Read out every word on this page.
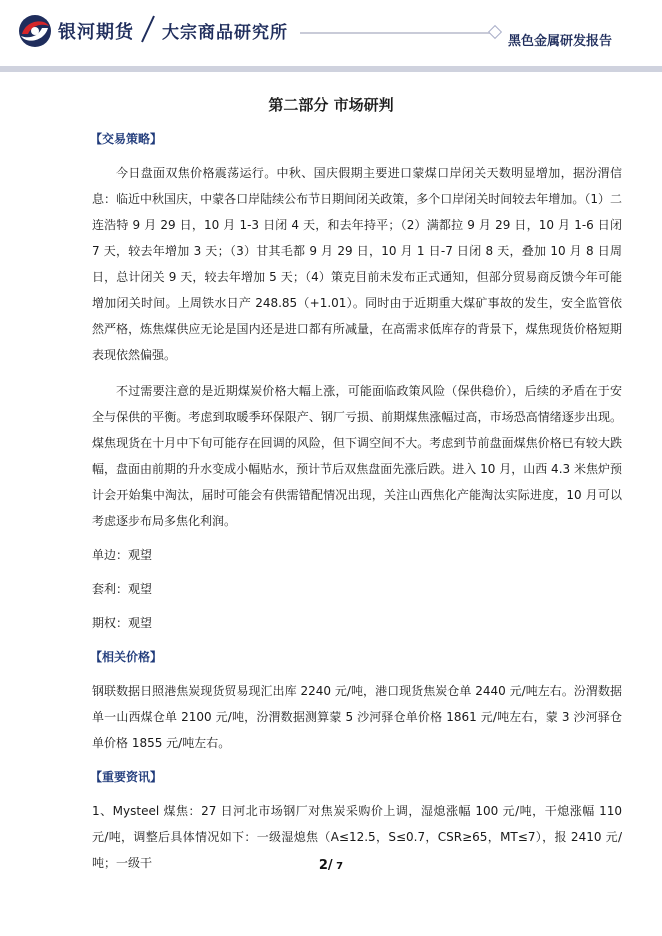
银河期货 大宗商品研究所	黑色金属研发报告
第二部分 市场研判
【交易策略】

今日盘面双焦价格震荡运行。中秋、国庆假期主要进口蒙煤口岸闭关天数明显增加，据汾渭信息：临近中秋国庆，中蒙各口岸陆续公布节日期间闭关政策，多个口岸闭关时间较去年增加。（1）二连浩特 9 月 29 日，10 月 1-3 日闭 4 天，和去年持平；（2）满都拉 9 月 29 日，10 月 1-6 日闭 7 天，较去年增加 3 天；（3）甘其毛都 9 月 29 日，10 月 1 日-7 日闭 8 天，叠加 10 月 8 日周日，总计闭关 9 天，较去年增加 5 天；（4）策克目前未发布正式通知，但部分贸易商反馈今年可能增加闭关时间。上周铁水日产 248.85（+1.01）。同时由于近期重大煤矿事故的发生，安全监管依然严格，炼焦煤供应无论是国内还是进口都有所减量，在高需求低库存的背景下，煤焦现货价格短期表现依然偏强。

不过需要注意的是近期煤炭价格大幅上涨，可能面临政策风险（保供稳价），后续的矛盾在于安全与保供的平衡。考虑到取暖季环保限产、钢厂亏损、前期煤焦涨幅过高，市场恐高情绪逐步出现。煤焦现货在十月中下旬可能存在回调的风险，但下调空间不大。考虑到节前盘面煤焦价格已有较大跌幅，盘面由前期的升水变成小幅贴水，预计节后双焦盘面先涨后跌。进入 10 月，山西 4.3 米焦炉预计会开始集中淘汰，届时可能会有供需错配情况出现，关注山西焦化产能淘汰实际进度，10 月可以考虑逐步布局多焦化利润。

单边：观望

套利：观望

期权：观望

【相关价格】

钢联数据日照港焦炭现货贸易现汇出库 2240 元/吨，港口现货焦炭仓单 2440 元/吨左右。汾渭数据单一山西煤仓单 2100 元/吨，汾渭数据测算蒙 5 沙河驿仓单价格 1861 元/吨左右，蒙 3 沙河驿仓单价格 1855 元/吨左右。

【重要资讯】

1、Mysteel 煤焦：27 日河北市场钢厂对焦炭采购价上调，湿熄涨幅 100 元/吨，干熄涨幅 110 元/吨，调整后具体情况如下：一级湿熄焦（A≤12.5，S≤0.7，CSR≥65，MT≤7），报 2410 元/吨；一级干	2/ 7
